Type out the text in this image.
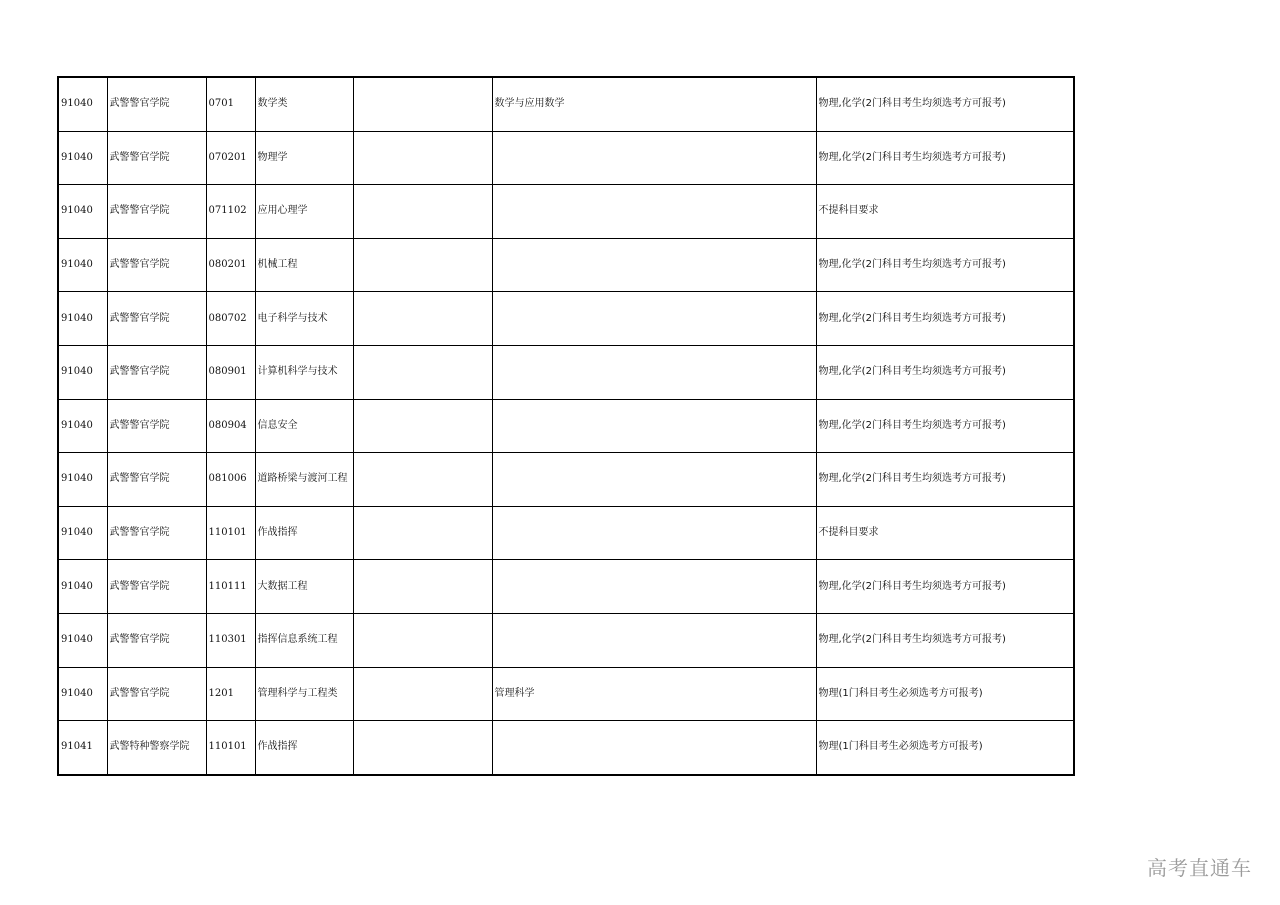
91040	武警警官学院	0701	数学类		数学与应用数学	物理,化学(2门科目考生均须选考方可报考)
91040	武警警官学院	070201	物理学			物理,化学(2门科目考生均须选考方可报考)
91040	武警警官学院	071102	应用心理学			不提科目要求
91040	武警警官学院	080201	机械工程			物理,化学(2门科目考生均须选考方可报考)
91040	武警警官学院	080702	电子科学与技术			物理,化学(2门科目考生均须选考方可报考)
91040	武警警官学院	080901	计算机科学与技术			物理,化学(2门科目考生均须选考方可报考)
91040	武警警官学院	080904	信息安全			物理,化学(2门科目考生均须选考方可报考)
91040	武警警官学院	081006	道路桥梁与渡河工程			物理,化学(2门科目考生均须选考方可报考)
91040	武警警官学院	110101	作战指挥			不提科目要求
91040	武警警官学院	110111	大数据工程			物理,化学(2门科目考生均须选考方可报考)
91040	武警警官学院	110301	指挥信息系统工程			物理,化学(2门科目考生均须选考方可报考)
91040	武警警官学院	1201	管理科学与工程类		管理科学	物理(1门科目考生必须选考方可报考)
91041	武警特种警察学院	110101	作战指挥			物理(1门科目考生必须选考方可报考)
高考直通车
